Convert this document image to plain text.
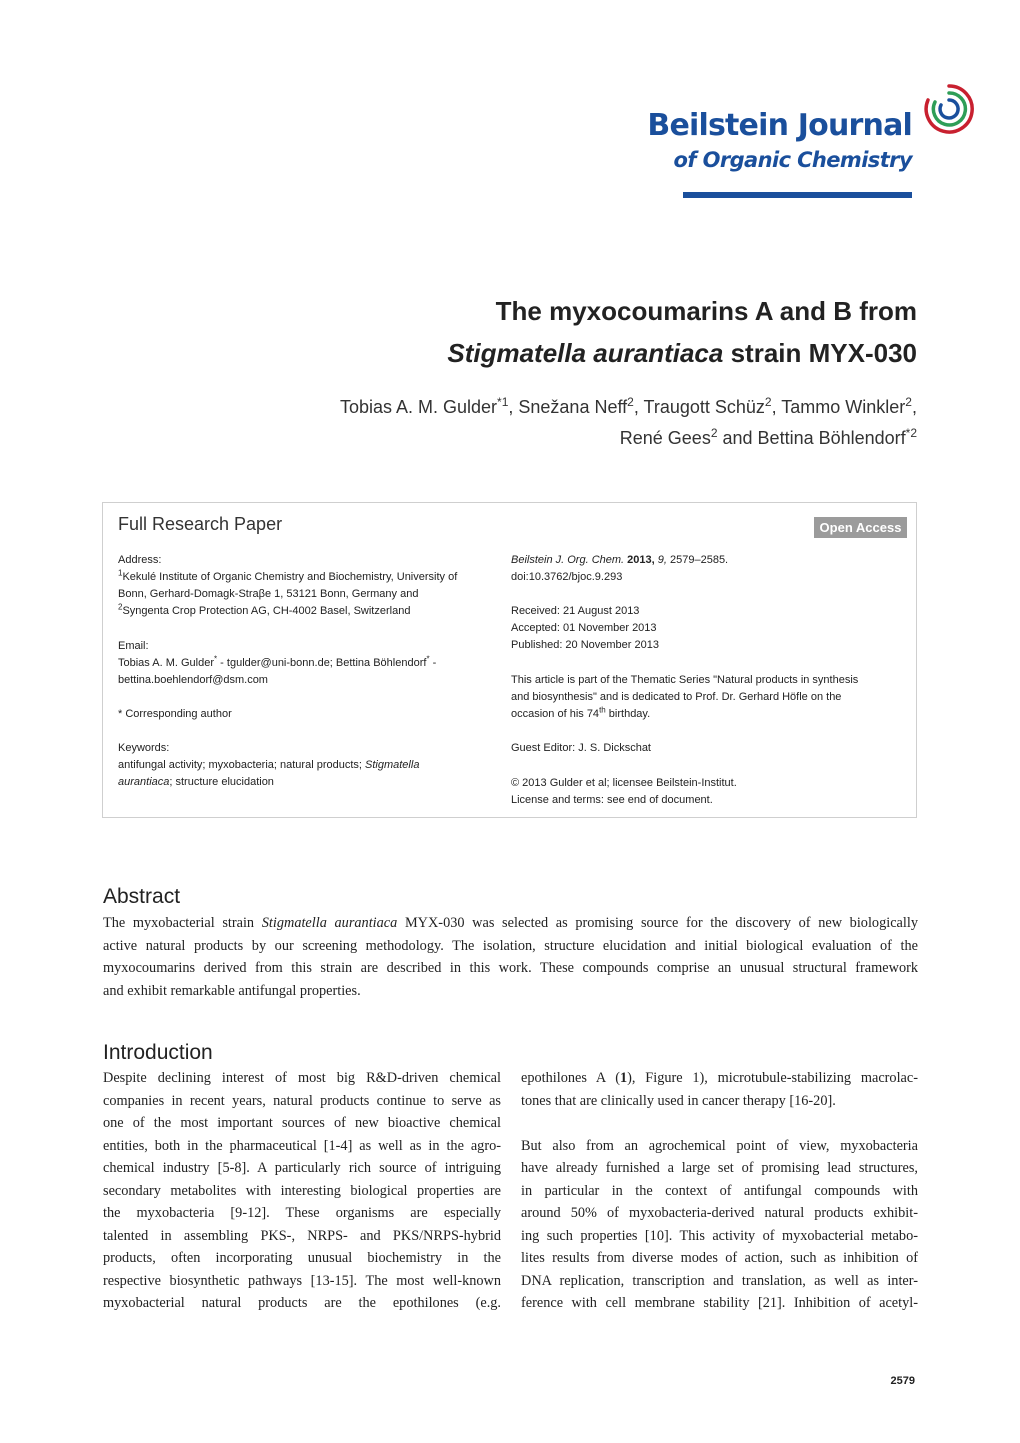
Beilstein Journal
of Organic Chemistry
The myxocoumarins A and B from
Stigmatella aurantiaca strain MYX-030
Tobias A. M. Gulder$^{*1}$, Snežana Neff$^2$, Traugott Schüz$^2$, Tammo Winkler$^2$,
René Gees$^2$ and Bettina Böhlendorf$^{*2}$
Full Research Paper	Open Access
Address:
$^1$Kekulé Institute of Organic Chemistry and Biochemistry, University of
Bonn, Gerhard-Domagk-Straβe 1, 53121 Bonn, Germany and
$^2$Syngenta Crop Protection AG, CH-4002 Basel, Switzerland
Email:
Tobias A. M. Gulder* - tgulder@uni-bonn.de; Bettina Böhlendorf* -
bettina.boehlendorf@dsm.com
* Corresponding author
Keywords:
antifungal activity; myxobacteria; natural products; Stigmatella
aurantiaca; structure elucidation
Beilstein J. Org. Chem. 2013, 9, 2579–2585.
doi:10.3762/bjoc.9.293
Received: 21 August 2013
Accepted: 01 November 2013
Published: 20 November 2013
This article is part of the Thematic Series "Natural products in synthesis
and biosynthesis" and is dedicated to Prof. Dr. Gerhard Höfle on the
occasion of his 74th birthday.
Guest Editor: J. S. Dickschat
© 2013 Gulder et al; licensee Beilstein-Institut.
License and terms: see end of document.
Abstract
The myxobacterial strain Stigmatella aurantiaca MYX-030 was selected as promising source for the discovery of new biologically
active natural products by our screening methodology. The isolation, structure elucidation and initial biological evaluation of the
myxocoumarins derived from this strain are described in this work. These compounds comprise an unusual structural framework
and exhibit remarkable antifungal properties.
Introduction
Despite declining interest of most big R&D-driven chemical
companies in recent years, natural products continue to serve as
one of the most important sources of new bioactive chemical
entities, both in the pharmaceutical [1-4] as well as in the agro-
chemical industry [5-8]. A particularly rich source of intriguing
secondary metabolites with interesting biological properties are
the myxobacteria [9-12]. These organisms are especially
talented in assembling PKS-, NRPS- and PKS/NRPS-hybrid
products, often incorporating unusual biochemistry in the
respective biosynthetic pathways [13-15]. The most well-known
myxobacterial natural products are the epothilones (e.g.
epothilones A (1), Figure 1), microtubule-stabilizing macrolac-
tones that are clinically used in cancer therapy [16-20].
But also from an agrochemical point of view, myxobacteria
have already furnished a large set of promising lead structures,
in particular in the context of antifungal compounds with
around 50% of myxobacteria-derived natural products exhibit-
ing such properties [10]. This activity of myxobacterial metabo-
lites results from diverse modes of action, such as inhibition of
DNA replication, transcription and translation, as well as inter-
ference with cell membrane stability [21]. Inhibition of acetyl-
2579
